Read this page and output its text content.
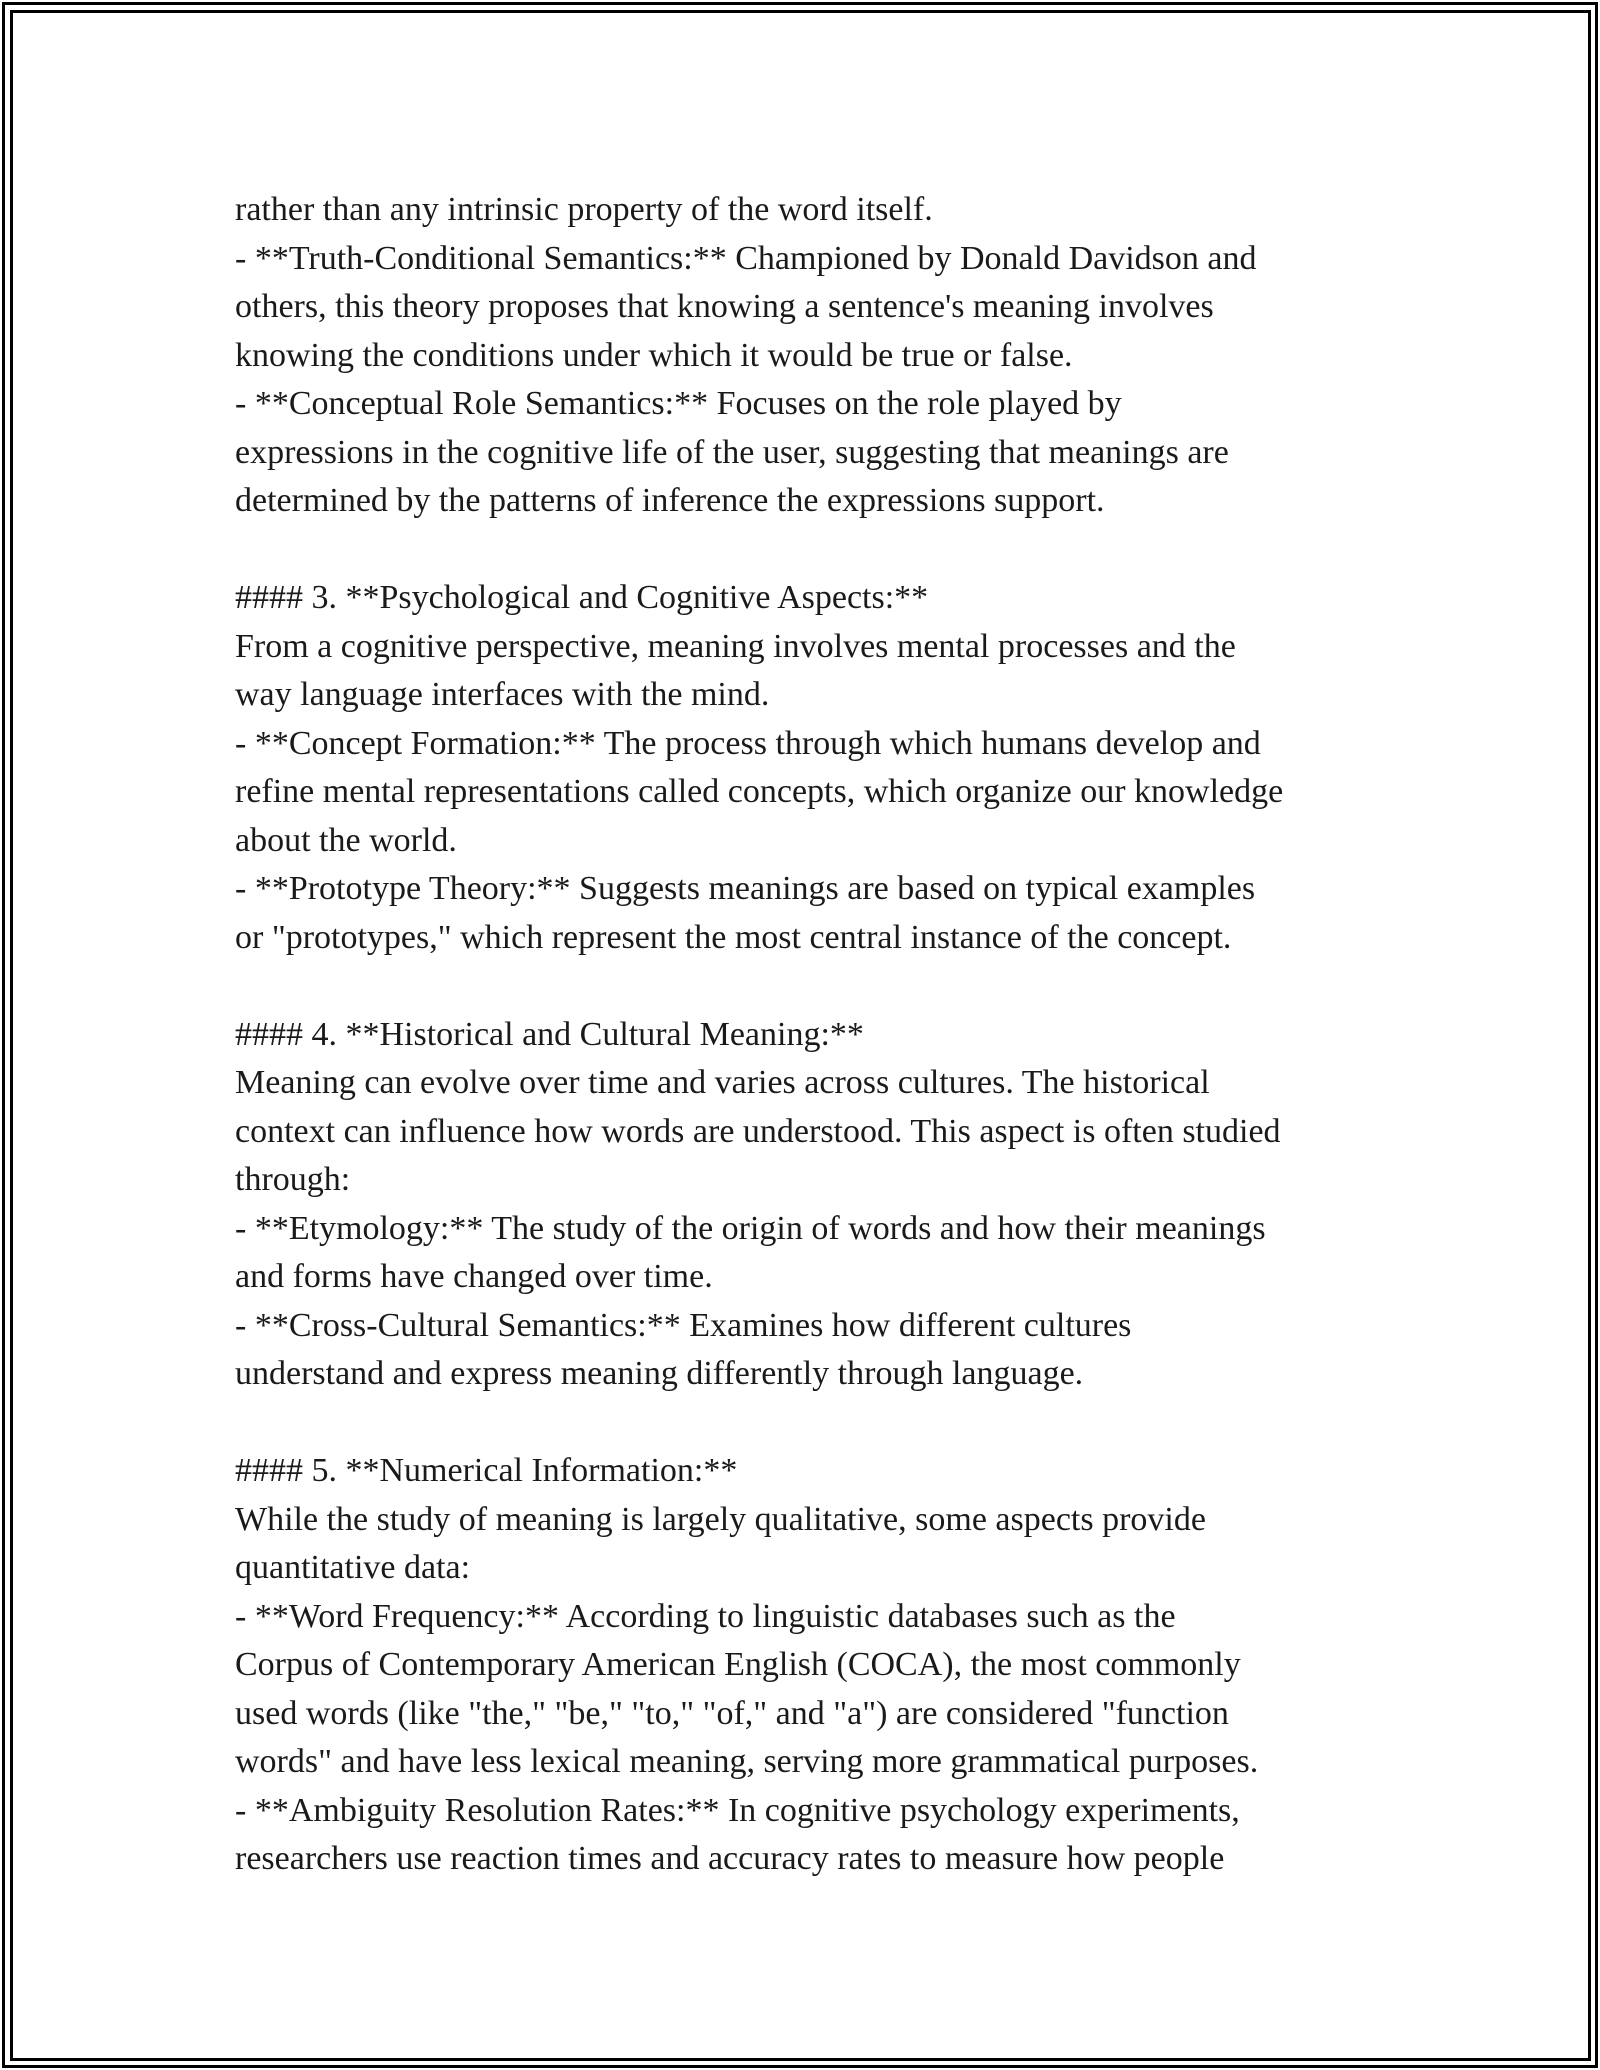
rather than any intrinsic property of the word itself.
- **Truth-Conditional Semantics:** Championed by Donald Davidson and
others, this theory proposes that knowing a sentence's meaning involves
knowing the conditions under which it would be true or false.
- **Conceptual Role Semantics:** Focuses on the role played by
expressions in the cognitive life of the user, suggesting that meanings are
determined by the patterns of inference the expressions support.
#### 3. **Psychological and Cognitive Aspects:**
From a cognitive perspective, meaning involves mental processes and the
way language interfaces with the mind.
- **Concept Formation:** The process through which humans develop and
refine mental representations called concepts, which organize our knowledge
about the world.
- **Prototype Theory:** Suggests meanings are based on typical examples
or "prototypes," which represent the most central instance of the concept.
#### 4. **Historical and Cultural Meaning:**
Meaning can evolve over time and varies across cultures. The historical
context can influence how words are understood. This aspect is often studied
through:
- **Etymology:** The study of the origin of words and how their meanings
and forms have changed over time.
- **Cross-Cultural Semantics:** Examines how different cultures
understand and express meaning differently through language.
#### 5. **Numerical Information:**
While the study of meaning is largely qualitative, some aspects provide
quantitative data:
- **Word Frequency:** According to linguistic databases such as the
Corpus of Contemporary American English (COCA), the most commonly
used words (like "the," "be," "to," "of," and "a") are considered "function
words" and have less lexical meaning, serving more grammatical purposes.
- **Ambiguity Resolution Rates:** In cognitive psychology experiments,
researchers use reaction times and accuracy rates to measure how people
